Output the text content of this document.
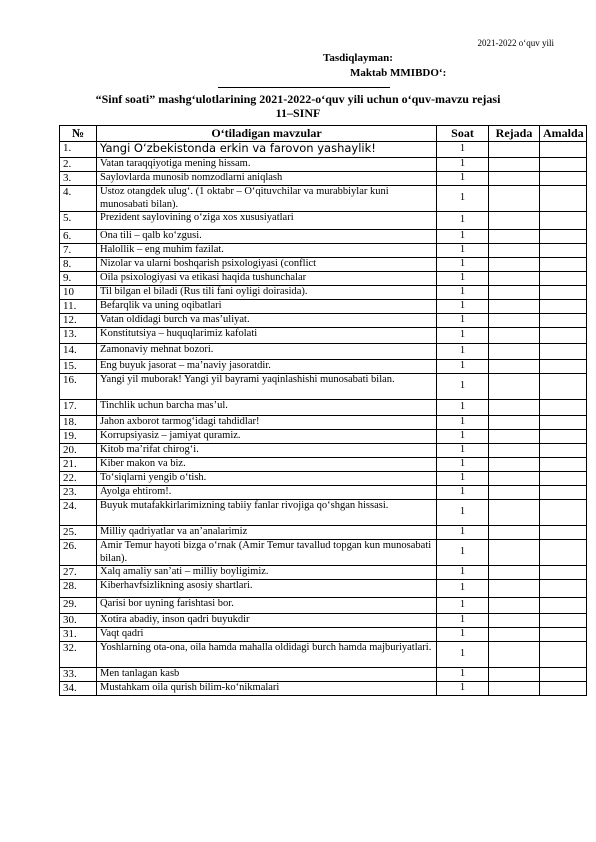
2021-2022 o‘quv yili
Tasdiqlayman:
Maktab MMIBDO‘:
“Sinf soati” mashg‘ulotlarining 2021-2022-o‘quv yili uchun o‘quv-mavzu rejasi
11–SINF
№	O‘tiladigan mavzular	Soat	Rejada	Amalda
1.	Yangi O‘zbekistonda erkin va farovon yashaylik!	1		
2.	Vatan taraqqiyotiga mening hissam.	1		
3.	Saylovlarda munosib nomzodlarni aniqlash	1		
4.	Ustoz otangdek ulug‘. (1 oktabr – O‘qituvchilar va murabbiylar kuni munosabati bilan).	1		
5.	Prezident saylovining o‘ziga xos xususiyatlari	1		
6.	Ona tili – qalb ko‘zgusi.	1		
7.	Halollik – eng muhim fazilat.	1		
8.	Nizolar va ularni boshqarish psixologiyasi (conflict	1		
9.	Oila psixologiyasi va etikasi haqida tushunchalar	1		
10	Til bilgan el biladi (Rus tili fani oyligi doirasida).	1		
11.	Befarqlik va uning oqibatlari	1		
12.	Vatan oldidagi burch va mas’uliyat.	1		
13.	Konstitutsiya – huquqlarimiz kafolati	1		
14.	Zamonaviy mehnat bozori.	1		
15.	Eng buyuk jasorat – ma’naviy jasoratdir.	1		
16.	Yangi yil muborak! Yangi yil bayrami yaqinlashishi munosabati bilan.	1		
17.	Tinchlik uchun barcha mas’ul.	1		
18.	Jahon axborot tarmog‘idagi tahdidlar!	1		
19.	Korrupsiyasiz – jamiyat quramiz.	1		
20.	Kitob ma’rifat chirog‘i.	1		
21.	Kiber makon va biz.	1		
22.	To‘siqlarni yengib o‘tish.	1		
23.	Ayolga ehtirom!.	1		
24.	Buyuk mutafakkirlarimizning tabiiy fanlar rivojiga qo‘shgan hissasi.	1		
25.	Milliy qadriyatlar va an’analarimiz	1		
26.	Amir Temur hayoti bizga o‘rnak (Amir Temur tavallud topgan kun munosabati bilan).	1		
27.	Xalq amaliy san’ati – milliy boyligimiz.	1		
28.	Kiberhavfsizlikning asosiy shartlari.	1		
29.	Qarisi bor uyning farishtasi bor.	1		
30.	Xotira abadiy, inson qadri buyukdir	1		
31.	Vaqt qadri	1		
32.	Yoshlarning ota-ona, oila hamda mahalla oldidagi burch hamda majburiyatlari.	1		
33.	Men tanlagan kasb	1		
34.	Mustahkam oila qurish bilim-ko‘nikmalari	1		
